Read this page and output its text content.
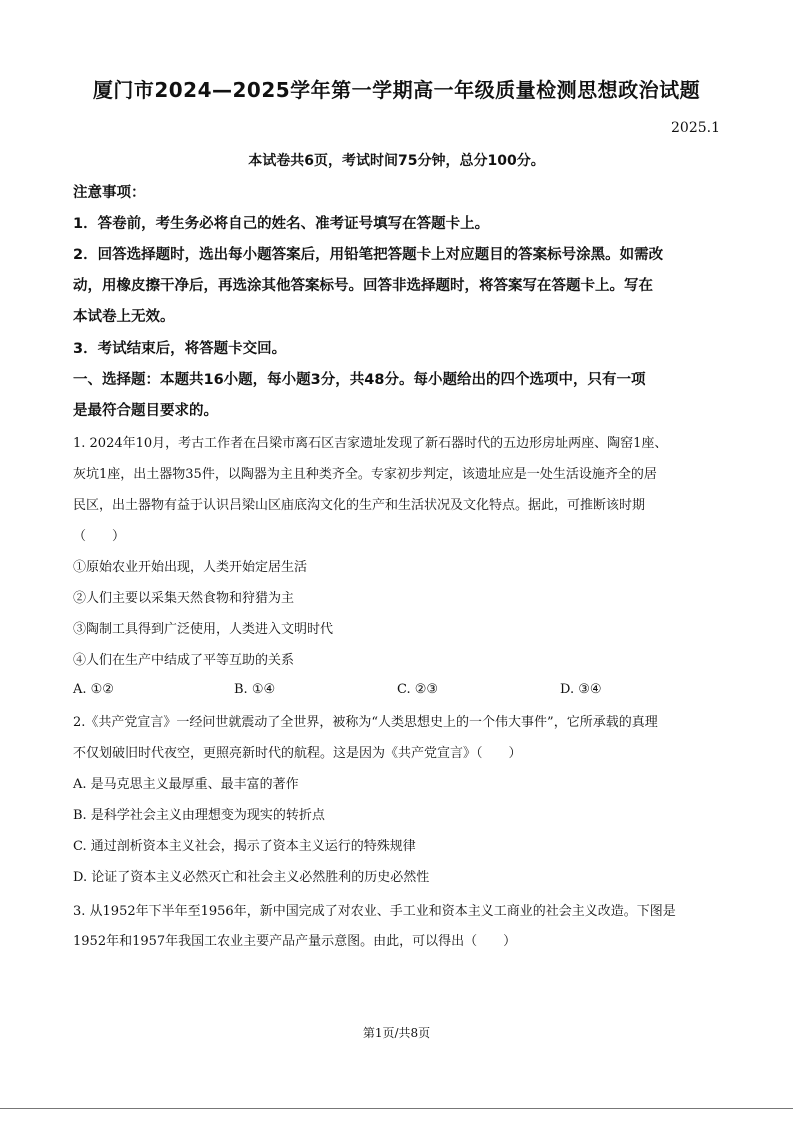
厦门市2024—2025学年第一学期高一年级质量检测思想政治试题
2025.1
本试卷共6页，考试时间75分钟，总分100分。

注意事项：

1．答卷前，考生务必将自己的姓名、准考证号填写在答题卡上。

2．回答选择题时，选出每小题答案后，用铅笔把答题卡上对应题目的答案标号涂黑。如需改

动，用橡皮擦干净后，再选涂其他答案标号。回答非选择题时，将答案写在答题卡上。写在

本试卷上无效。

3．考试结束后，将答题卡交回。

一、选择题：本题共16小题，每小题3分，共48分。每小题给出的四个选项中，只有一项

是最符合题目要求的。

1. 2024年10月，考古工作者在吕梁市离石区吉家遗址发现了新石器时代的五边形房址两座、陶窑1座、

灰坑1座，出土器物35件，以陶器为主且种类齐全。专家初步判定，该遗址应是一处生活设施齐全的居

民区，出土器物有益于认识吕梁山区庙底沟文化的生产和生活状况及文化特点。据此，可推断该时期

（　　）

①原始农业开始出现，人类开始定居生活

②人们主要以采集天然食物和狩猎为主

③陶制工具得到广泛使用，人类进入文明时代

④人们在生产中结成了平等互助的关系

A. ①②	B. ①④	C. ②③	D. ③④

2.《共产党宣言》一经问世就震动了全世界，被称为“人类思想史上的一个伟大事件”，它所承载的真理

不仅划破旧时代夜空，更照亮新时代的航程。这是因为《共产党宣言》（　　）

A. 是马克思主义最厚重、最丰富的著作

B. 是科学社会主义由理想变为现实的转折点

C. 通过剖析资本主义社会，揭示了资本主义运行的特殊规律

D. 论证了资本主义必然灭亡和社会主义必然胜利的历史必然性

3. 从1952年下半年至1956年，新中国完成了对农业、手工业和资本主义工商业的社会主义改造。下图是

1952年和1957年我国工农业主要产品产量示意图。由此，可以得出（　　）

第1页/共8页
